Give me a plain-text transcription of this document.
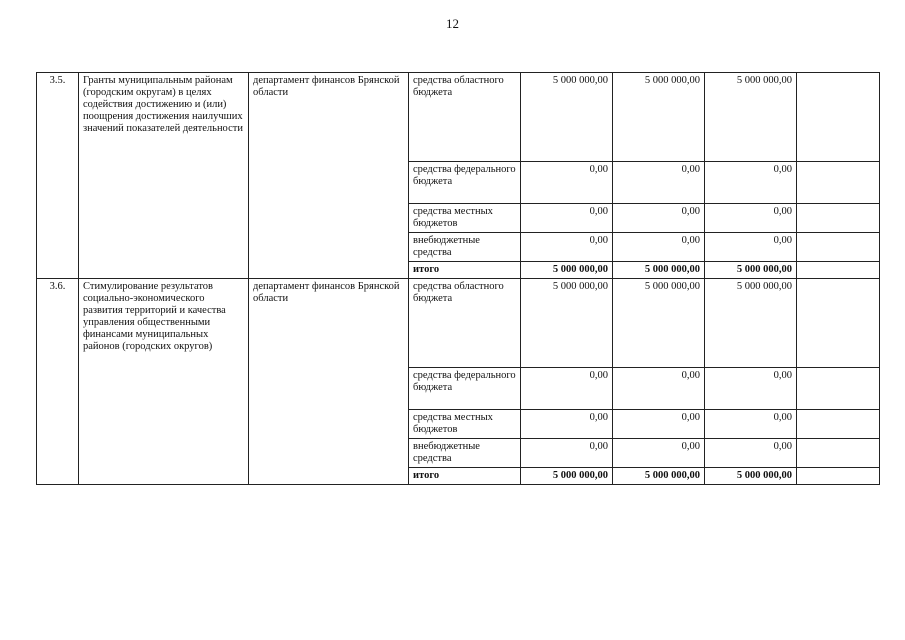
12
3.5.	Гранты муниципальным районам (городским округам) в целях содействия достижению и (или) поощрения достижения наилучших значений показателей деятельности	департамент финансов Брянской области	средства областного бюджета	5 000 000,00	5 000 000,00	5 000 000,00	
			средства федерального бюджета	0,00	0,00	0,00	
			средства местных бюджетов	0,00	0,00	0,00	
			внебюджетные средства	0,00	0,00	0,00	
			итого	5 000 000,00	5 000 000,00	5 000 000,00	
3.6.	Стимулирование результатов социально-экономического развития территорий и качества управления общественными финансами муниципальных районов (городских округов)	департамент финансов Брянской области	средства областного бюджета	5 000 000,00	5 000 000,00	5 000 000,00	
			средства федерального бюджета	0,00	0,00	0,00	
			средства местных бюджетов	0,00	0,00	0,00	
			внебюджетные средства	0,00	0,00	0,00	
			итого	5 000 000,00	5 000 000,00	5 000 000,00	
